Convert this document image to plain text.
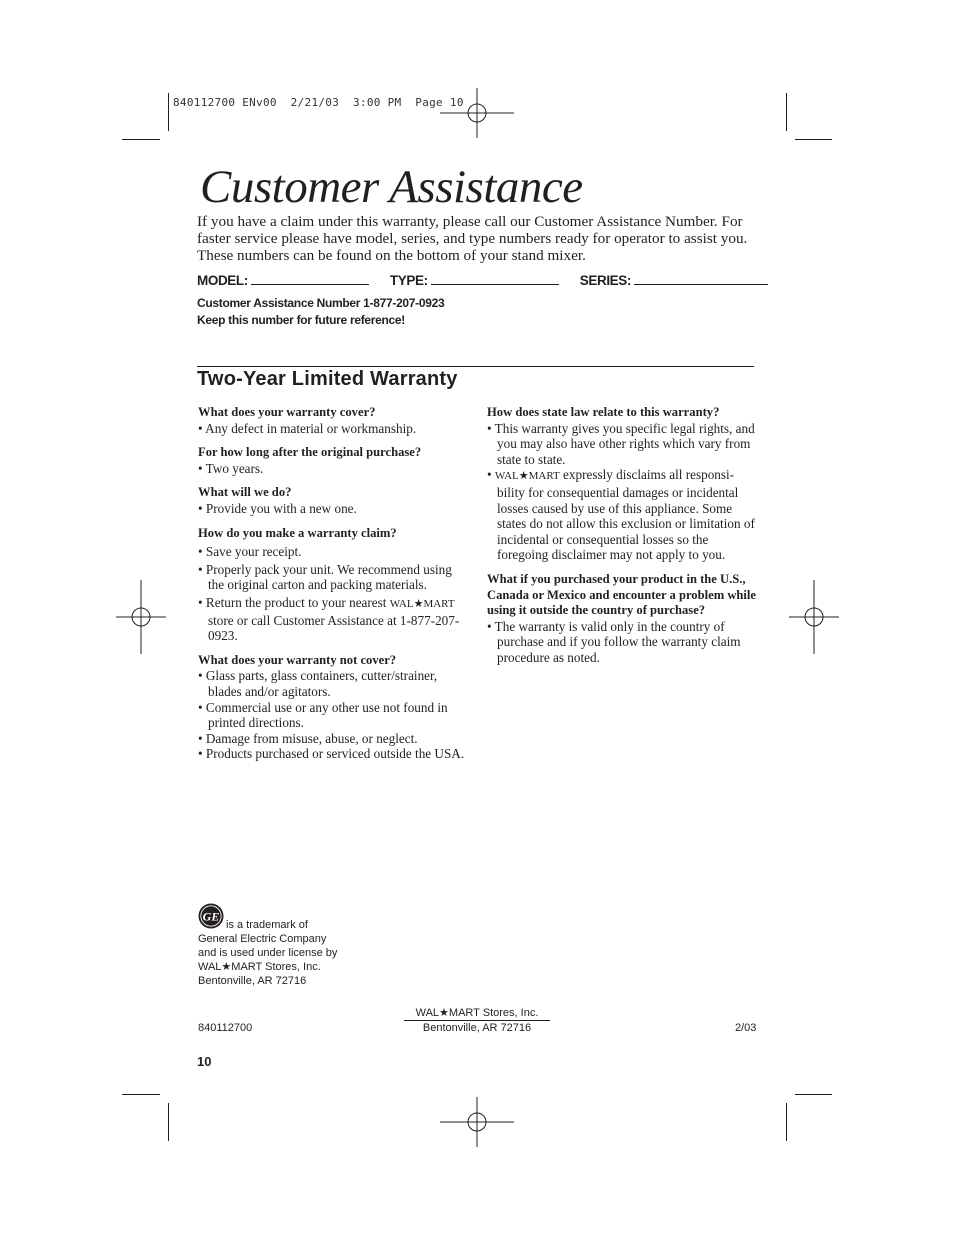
840112700 ENv00  2/21/03  3:00 PM  Page 10
Customer Assistance
If you have a claim under this warranty, please call our Customer Assistance Number. For faster service please have model, series, and type numbers ready for operator to assist you. These numbers can be found on the bottom of your stand mixer.
MODEL:	TYPE:	SERIES:
Customer Assistance Number 1-877-207-0923
Keep this number for future reference!
Two-Year Limited Warranty

What does your warranty cover?

• Any defect in material or workmanship.

For how long after the original purchase?

• Two years.

What will we do?

• Provide you with a new one.

How do you make a warranty claim?

• Save your receipt.

• Properly pack your unit. We recommend using the original carton and packing materials.

• Return the product to your nearest WAL★MART store or call Customer Assistance at 1-877-207-0923.

What does your warranty not cover?

• Glass parts, glass containers, cutter/strainer, blades and/or agitators.

• Commercial use or any other use not found in printed directions.

• Damage from misuse, abuse, or neglect.

• Products purchased or serviced outside the USA.

How does state law relate to this warranty?

• This warranty gives you specific legal rights, and you may also have other rights which vary from state to state.

• WAL★MART expressly disclaims all responsi-bility for consequential damages or incidental losses caused by use of this appliance. Some states do not allow this exclusion or limitation of incidental or consequential losses so the foregoing disclaimer may not apply to you.

What if you purchased your product in the U.S., Canada or Mexico and encounter a problem while using it outside the country of purchase?

• The warranty is valid only in the country of purchase and if you follow the warranty claim procedure as noted.

GE
is a trademark of
General Electric Company
and is used under license by
WAL★MART Stores, Inc.
Bentonville, AR 72716
WAL★MART Stores, Inc.
Bentonville, AR 72716
840112700	2/03
10
